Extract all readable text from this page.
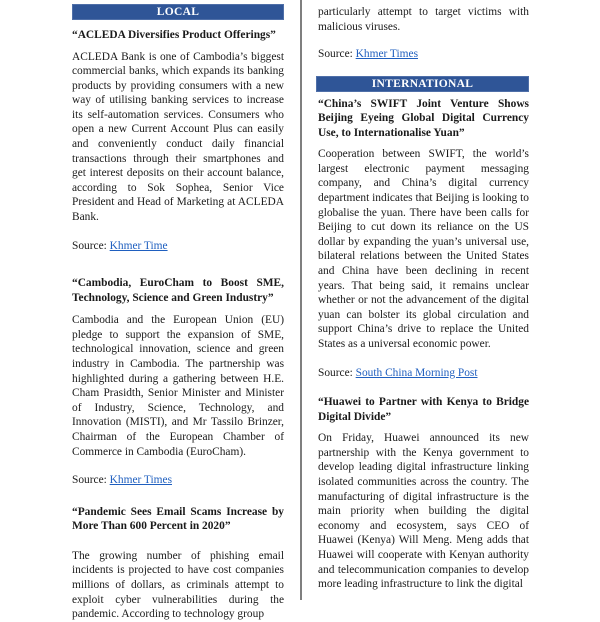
LOCAL

“ACLEDA Diversifies Product Offerings”

ACLEDA Bank is one of Cambodia’s biggest commercial banks, which expands its banking products by providing consumers with a new way of utilising banking services to increase its self-automation services. Consumers who open a new Current Account Plus can easily and conveniently conduct daily financial transactions through their smartphones and get interest deposits on their account balance, according to Sok Sophea, Senior Vice President and Head of Marketing at ACLEDA Bank.

Source: Khmer Time

“Cambodia, EuroCham to Boost SME, Technology, Science and Green Industry”

Cambodia and the European Union (EU) pledge to support the expansion of SME, technological innovation, science and green industry in Cambodia. The partnership was highlighted during a gathering between H.E. Cham Prasidth, Senior Minister and Minister of Industry, Science, Technology, and Innovation (MISTI), and Mr Tassilo Brinzer, Chairman of the European Chamber of Commerce in Cambodia (EuroCham).

Source: Khmer Times

“Pandemic Sees Email Scams Increase by More Than 600 Percent in 2020”

The growing number of phishing email incidents is projected to have cost companies millions of dollars, as criminals attempt to exploit cyber vulnerabilities during the pandemic. According to technology group

particularly attempt to target victims with malicious viruses.

Source: Khmer Times

INTERNATIONAL

“China’s SWIFT Joint Venture Shows Beijing Eyeing Global Digital Currency Use, to Internationalise Yuan”

Cooperation between SWIFT, the world’s largest electronic payment messaging company, and China’s digital currency department indicates that Beijing is looking to globalise the yuan. There have been calls for Beijing to cut down its reliance on the US dollar by expanding the yuan’s universal use, bilateral relations between the United States and China have been declining in recent years. That being said, it remains unclear whether or not the advancement of the digital yuan can bolster its global circulation and support China’s drive to replace the United States as a universal economic power.

Source: South China Morning Post

“Huawei to Partner with Kenya to Bridge Digital Divide”

On Friday, Huawei announced its new partnership with the Kenya government to develop leading digital infrastructure linking isolated communities across the country. The manufacturing of digital infrastructure is the main priority when building the digital economy and ecosystem, says CEO of Huawei (Kenya) Will Meng. Meng adds that Huawei will cooperate with Kenyan authority and telecommunication companies to develop more leading infrastructure to link the digital
